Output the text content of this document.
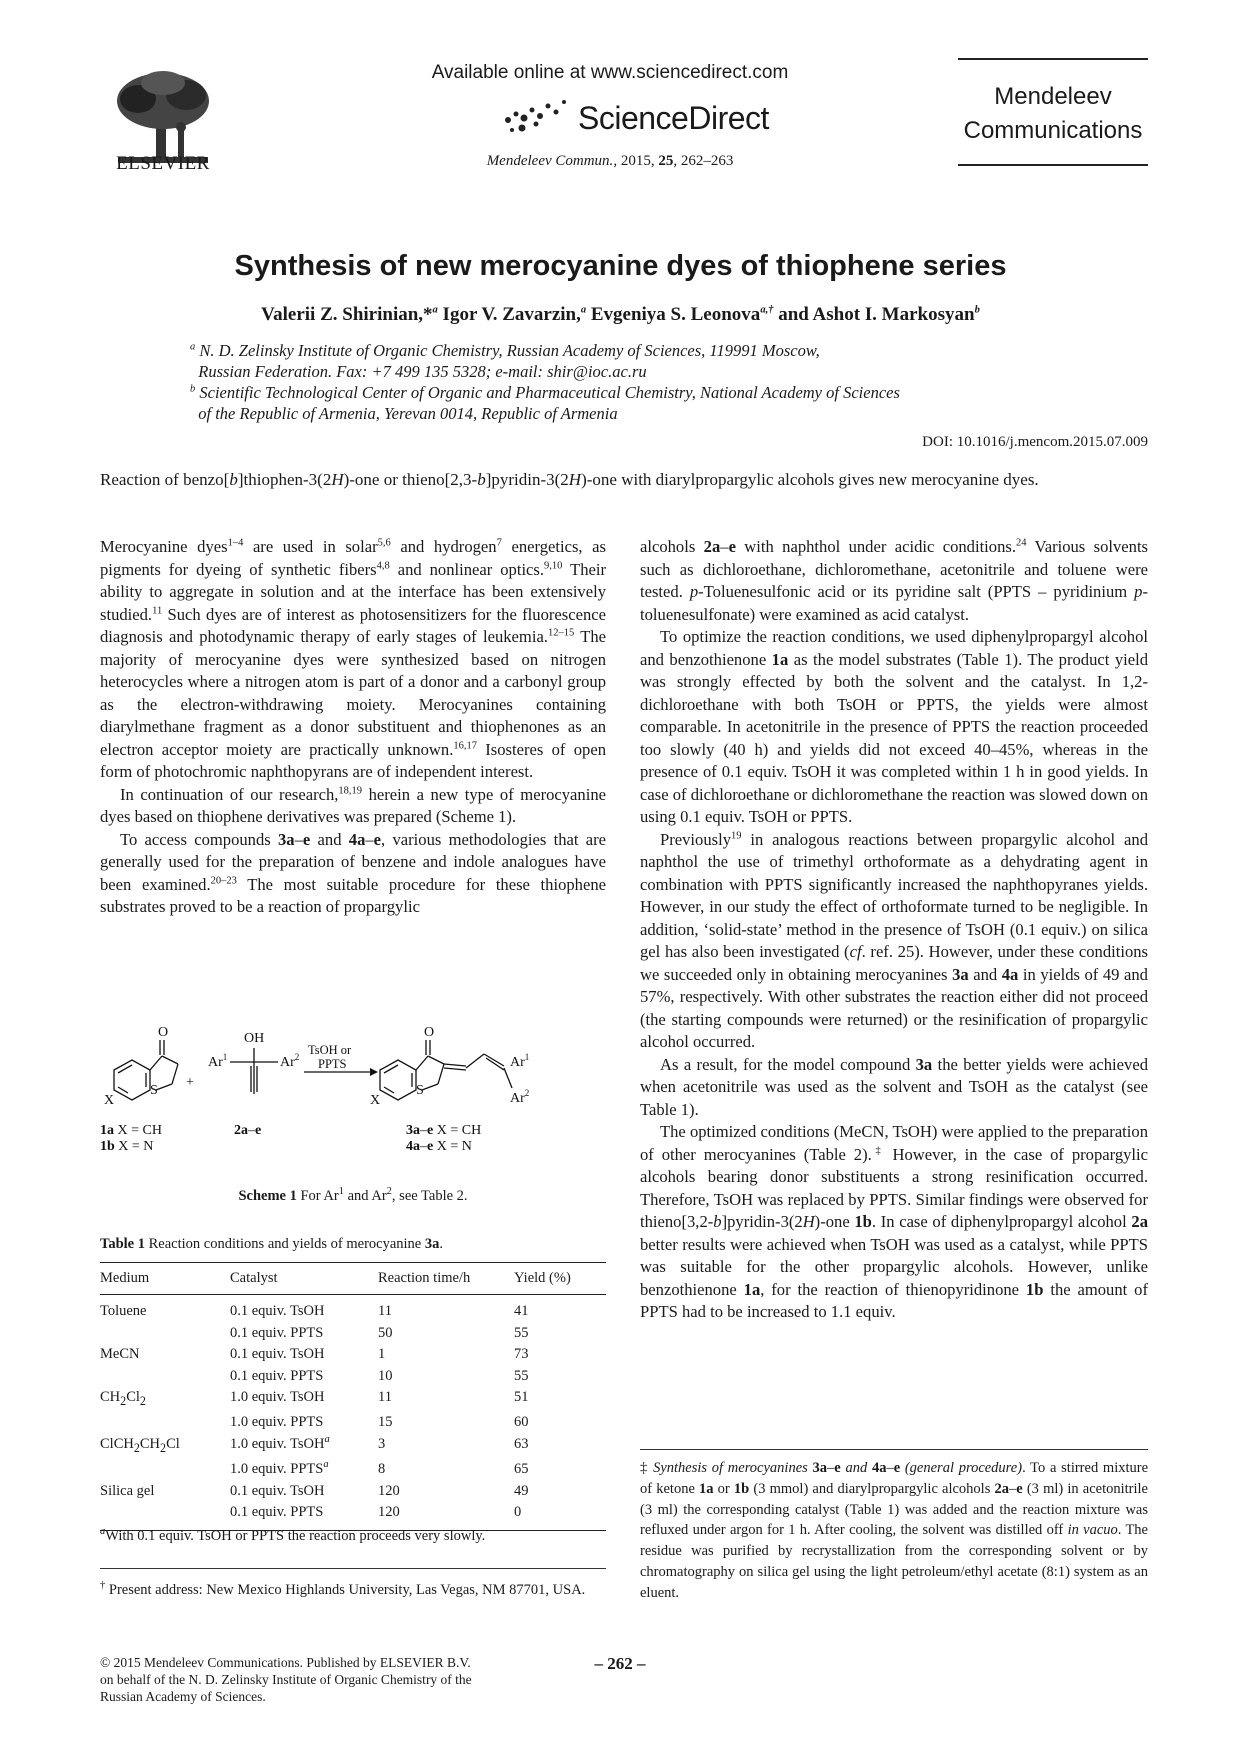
ELSEVIER
Available online at www.sciencedirect.com
ScienceDirect
Mendeleev Commun., 2015, 25, 262–263
Mendeleev
Communications
Synthesis of new merocyanine dyes of thiophene series
Valerii Z. Shirinian,*$^a$ Igor V. Zavarzin,$^a$ Evgeniya S. Leonova$^{a,\dagger}$ and Ashot I. Markosyan$^b$
$^a$ N. D. Zelinsky Institute of Organic Chemistry, Russian Academy of Sciences, 119991 Moscow,
Russian Federation. Fax: +7 499 135 5328; e-mail: shir@ioc.ac.ru
$^b$ Scientific Technological Center of Organic and Pharmaceutical Chemistry, National Academy of Sciences
of the Republic of Armenia, Yerevan 0014, Republic of Armenia
DOI: 10.1016/j.mencom.2015.07.009
Reaction of benzo[b]thiophen-3(2H)-one or thieno[2,3-b]pyridin-3(2H)-one with diarylpropargylic alcohols gives new merocyanine dyes.

Merocyanine dyes$^{1-4}$ are used in solar$^{5,6}$ and hydrogen$^7$ energetics, as pigments for dyeing of synthetic fibers$^{4,8}$ and nonlinear optics.$^{9,10}$ Their ability to aggregate in solution and at the interface has been extensively studied.$^{11}$ Such dyes are of interest as photosensitizers for the fluorescence diagnosis and photodynamic therapy of early stages of leukemia.$^{12-15}$ The majority of merocyanine dyes were synthesized based on nitrogen heterocycles where a nitrogen atom is part of a donor and a carbonyl group as the electron-withdrawing moiety. Merocyanines containing diarylmethane fragment as a donor substituent and thiophenones as an electron acceptor moiety are practically unknown.$^{16,17}$ Isosteres of open form of photochromic naphthopyrans are of independent interest.

In continuation of our research,$^{18,19}$ herein a new type of merocyanine dyes based on thiophene derivatives was prepared (Scheme 1).

To access compounds 3a–e and 4a–e, various methodologies that are generally used for the preparation of benzene and indole analogues have been examined.$^{20-23}$ The most suitable procedure for these thiophene substrates proved to be a reaction of propargylic

O
S
X
+
OH
Ar$^1$	Ar$^2$ TsOH or
PPTS
O
S
X
Ar$^1$
Ar$^2$
1a X = CH
1b X = N
2a–e	3a–e X = CH
4a–e X = N
Scheme 1 For Ar$^1$ and Ar$^2$, see Table 2.
Table 1 Reaction conditions and yields of merocyanine 3a.
Medium	Catalyst	Reaction time/h	Yield (%)
Toluene	0.1 equiv. TsOH	11	41
	0.1 equiv. PPTS	50	55
MeCN	0.1 equiv. TsOH	1	73
	0.1 equiv. PPTS	10	55
$CH_2Cl_2$	1.0 equiv. TsOH	11	51
	1.0 equiv. PPTS	15	60
$ClCH_2CH_2Cl$	1.0 equiv. TsOH$^a$	3	63
	1.0 equiv. PPTS$^a$	8	65
Silica gel	0.1 equiv. TsOH	120	49
	0.1 equiv. PPTS	120	0
$^a$With 0.1 equiv. TsOH or PPTS the reaction proceeds very slowly.
† Present address: New Mexico Highlands University, Las Vegas, NM 87701, USA.

alcohols 2a–e with naphthol under acidic conditions.$^{24}$ Various solvents such as dichloroethane, dichloromethane, acetonitrile and toluene were tested. p-Toluenesulfonic acid or its pyridine salt (PPTS – pyridinium p-toluenesulfonate) were examined as acid catalyst.

To optimize the reaction conditions, we used diphenylpropargyl alcohol and benzothienone 1a as the model substrates (Table 1). The product yield was strongly effected by both the solvent and the catalyst. In 1,2-dichloroethane with both TsOH or PPTS, the yields were almost comparable. In acetonitrile in the presence of PPTS the reaction proceeded too slowly (40 h) and yields did not exceed 40–45%, whereas in the presence of 0.1 equiv. TsOH it was completed within 1 h in good yields. In case of dichloroethane or dichloromethane the reaction was slowed down on using 0.1 equiv. TsOH or PPTS.

Previously$^{19}$ in analogous reactions between propargylic alcohol and naphthol the use of trimethyl orthoformate as a dehydrating agent in combination with PPTS significantly increased the naphthopyranes yields. However, in our study the effect of orthoformate turned to be negligible. In addition, ‘solid-state’ method in the presence of TsOH (0.1 equiv.) on silica gel has also been investigated (cf. ref. 25). However, under these conditions we succeeded only in obtaining merocyanines 3a and 4a in yields of 49 and 57%, respectively. With other substrates the reaction either did not proceed (the starting compounds were returned) or the resinification of propargylic alcohol occurred.

As a result, for the model compound 3a the better yields were achieved when acetonitrile was used as the solvent and TsOH as the catalyst (see Table 1).

The optimized conditions (MeCN, TsOH) were applied to the preparation of other merocyanines (Table 2).‡ However, in the case of propargylic alcohols bearing donor substituents a strong resinification occurred. Therefore, TsOH was replaced by PPTS. Similar findings were observed for thieno[3,2-b]pyridin-3(2H)-one 1b. In case of diphenylpropargyl alcohol 2a better results were achieved when TsOH was used as a catalyst, while PPTS was suitable for the other propargylic alcohols. However, unlike benzothienone 1a, for the reaction of thienopyridinone 1b the amount of PPTS had to be increased to 1.1 equiv.

‡ Synthesis of merocyanines 3a–e and 4a–e (general procedure). To a stirred mixture of ketone 1a or 1b (3 mmol) and diarylpropargylic alcohols 2a–e (3 ml) in acetonitrile (3 ml) the corresponding catalyst (Table 1) was added and the reaction mixture was refluxed under argon for 1 h. After cooling, the solvent was distilled off in vacuo. The residue was purified by recrystallization from the corresponding solvent or by chromatography on silica gel using the light petroleum/ethyl acetate (8:1) system as an eluent.
© 2015 Mendeleev Communications. Published by ELSEVIER B.V.
on behalf of the N. D. Zelinsky Institute of Organic Chemistry of the
Russian Academy of Sciences.
– 262 –
